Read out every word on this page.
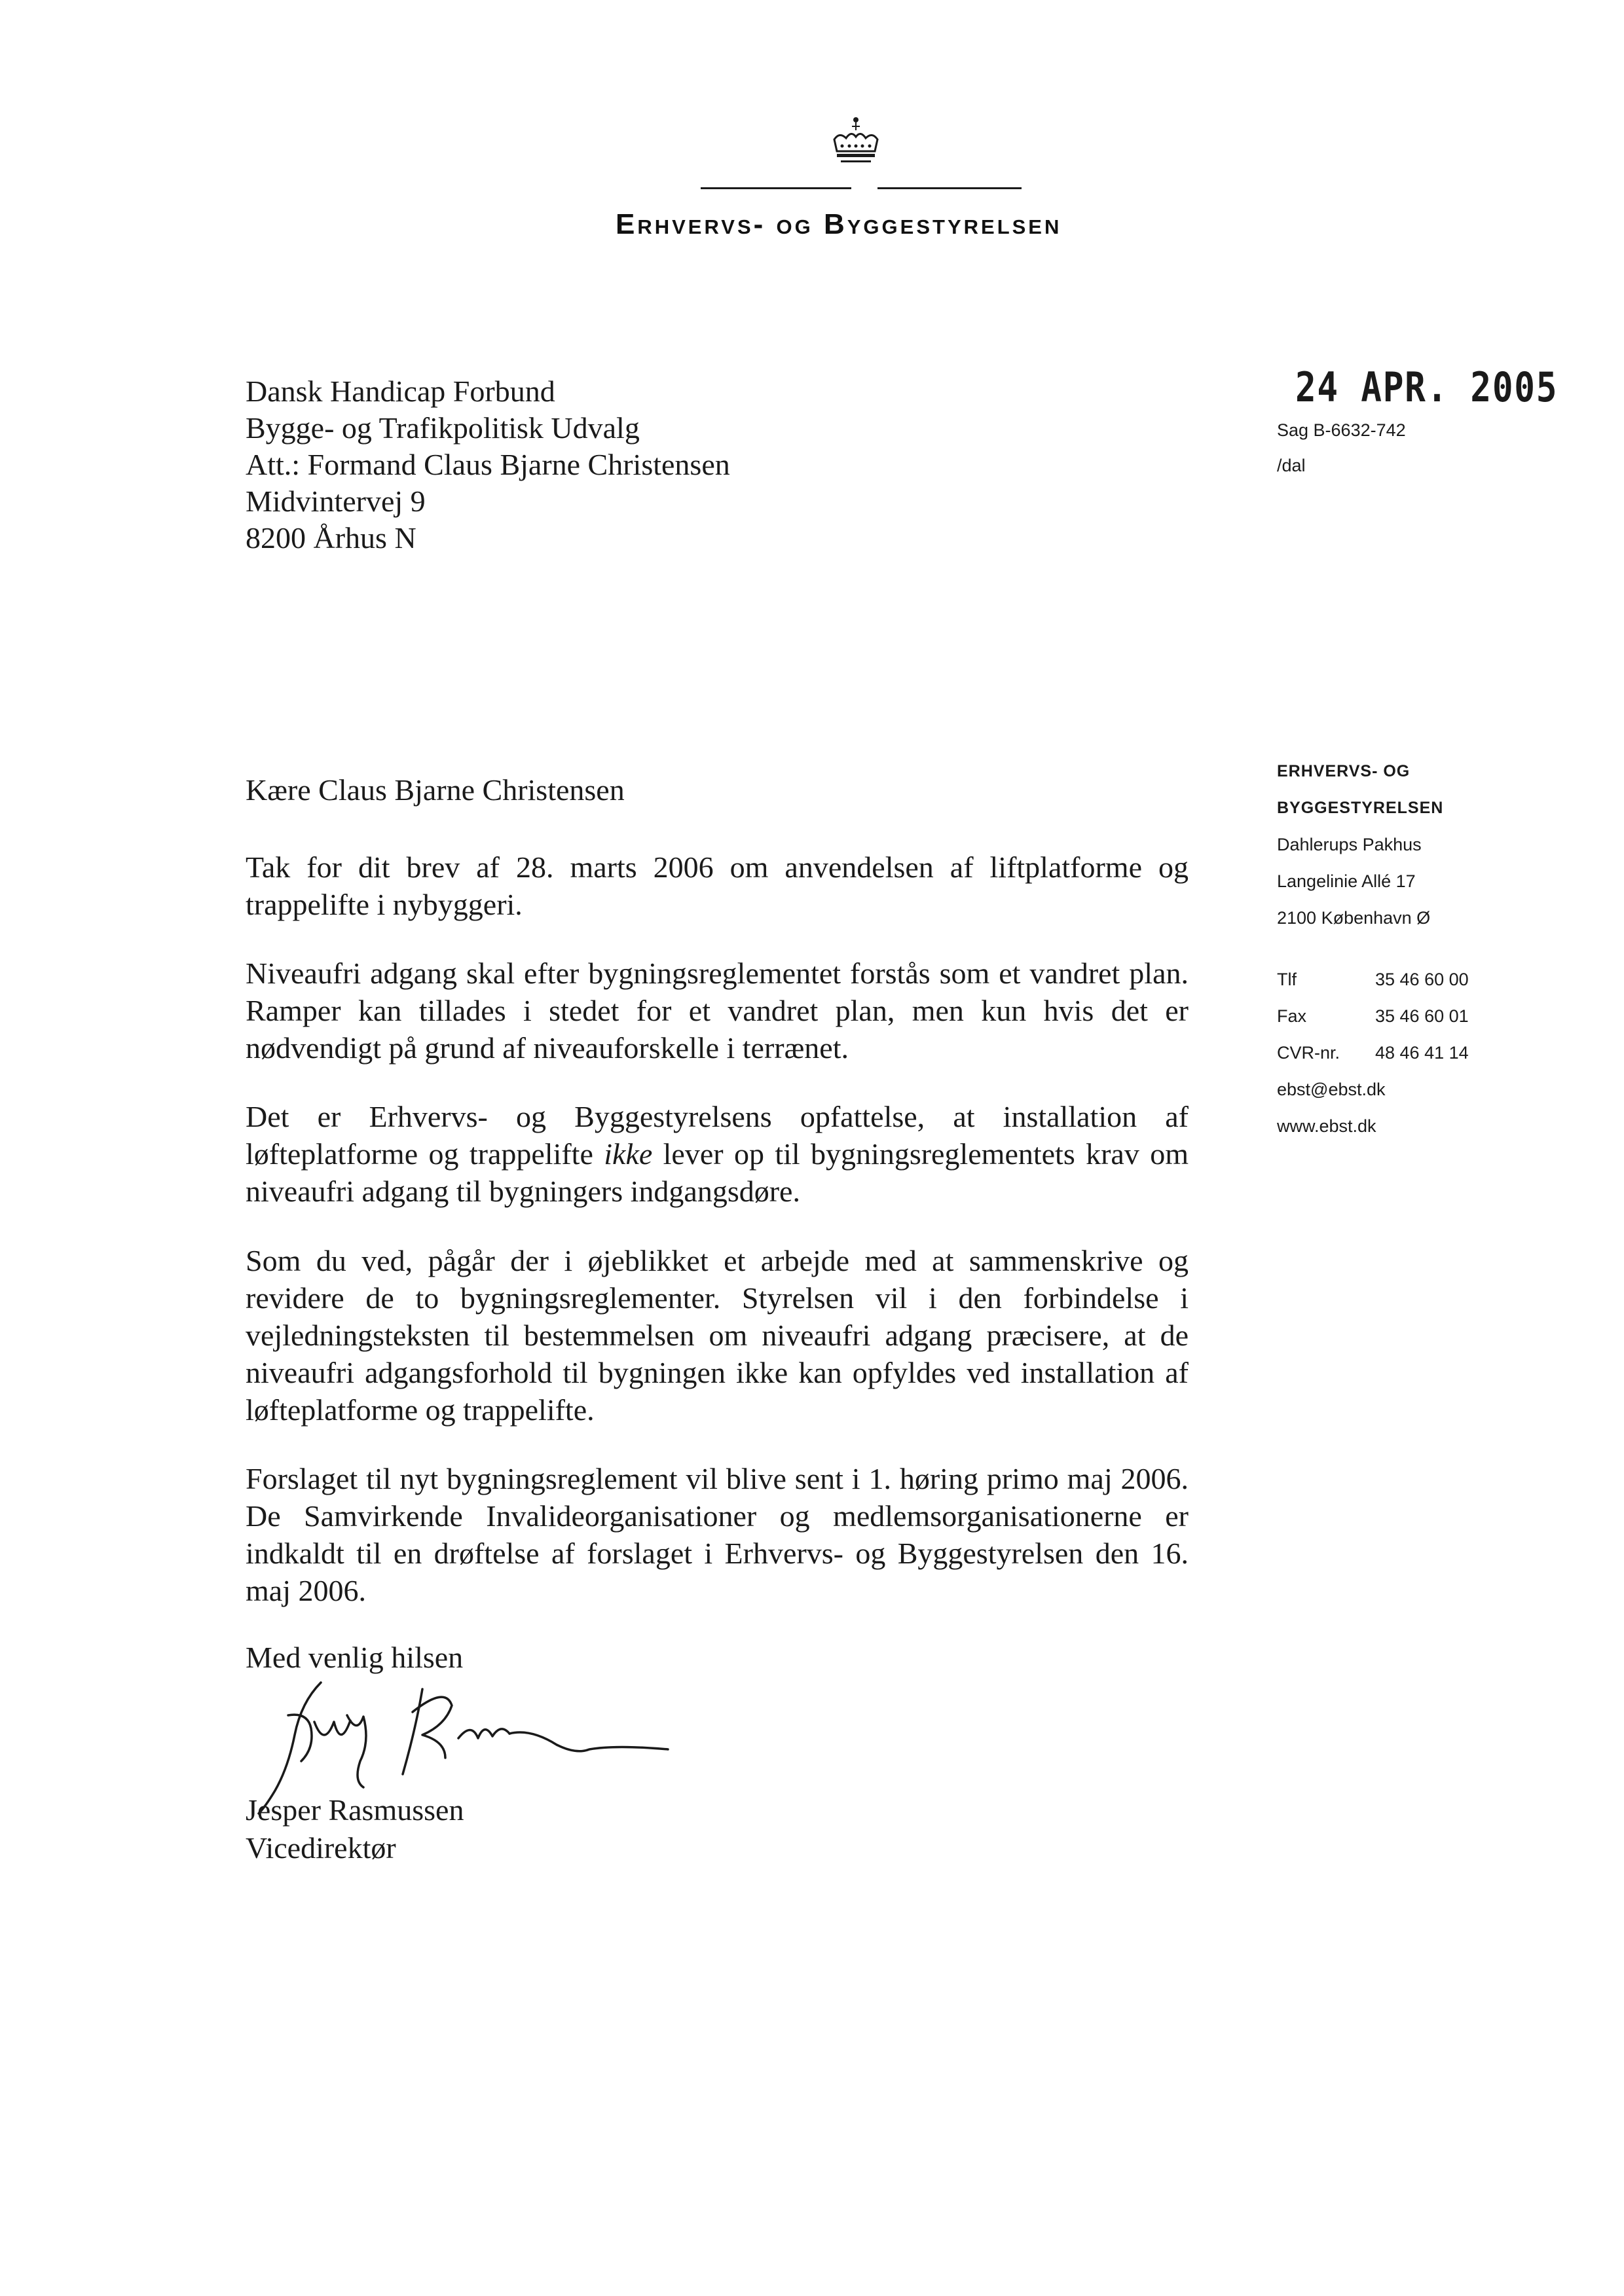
Erhvervs- og Byggestyrelsen
Dansk Handicap Forbund
Bygge- og Trafikpolitisk Udvalg
Att.: Formand Claus Bjarne Christensen
Midvintervej 9
8200 Århus N
24 APR. 2005
Sag B-6632-742
/dal
ERHVERVS- OG
BYGGESTYRELSEN
Dahlerups Pakhus
Langelinie Allé 17
2100 København Ø
Tlf	35 46 60 00
Fax	35 46 60 01
CVR-nr.	48 46 41 14
ebst@ebst.dk
www.ebst.dk
Kære Claus Bjarne Christensen
Tak for dit brev af 28. marts 2006 om anvendelsen af liftplatforme og trappelifte i nybyggeri.
Niveaufri adgang skal efter bygningsreglementet forstås som et vandret plan. Ramper kan tillades i stedet for et vandret plan, men kun hvis det er nødvendigt på grund af niveauforskelle i terrænet.
Det er Erhvervs- og Byggestyrelsens opfattelse, at installation af løfteplatforme og trappelifte ikke lever op til bygningsreglementets krav om niveaufri adgang til bygningers indgangsdøre.
Som du ved, pågår der i øjeblikket et arbejde med at sammenskrive og revidere de to bygningsreglementer. Styrelsen vil i den forbindelse i vejledningsteksten til bestemmelsen om niveaufri adgang præcisere, at de niveaufri adgangsforhold til bygningen ikke kan opfyldes ved installation af løfteplatforme og trappelifte.
Forslaget til nyt bygningsreglement vil blive sent i 1. høring primo maj 2006. De Samvirkende Invalideorganisationer og medlemsorganisationerne er indkaldt til en drøftelse af forslaget i Erhvervs- og Byggestyrelsen den 16. maj 2006.
Med venlig hilsen
Jesper Rasmussen
Vicedirektør
